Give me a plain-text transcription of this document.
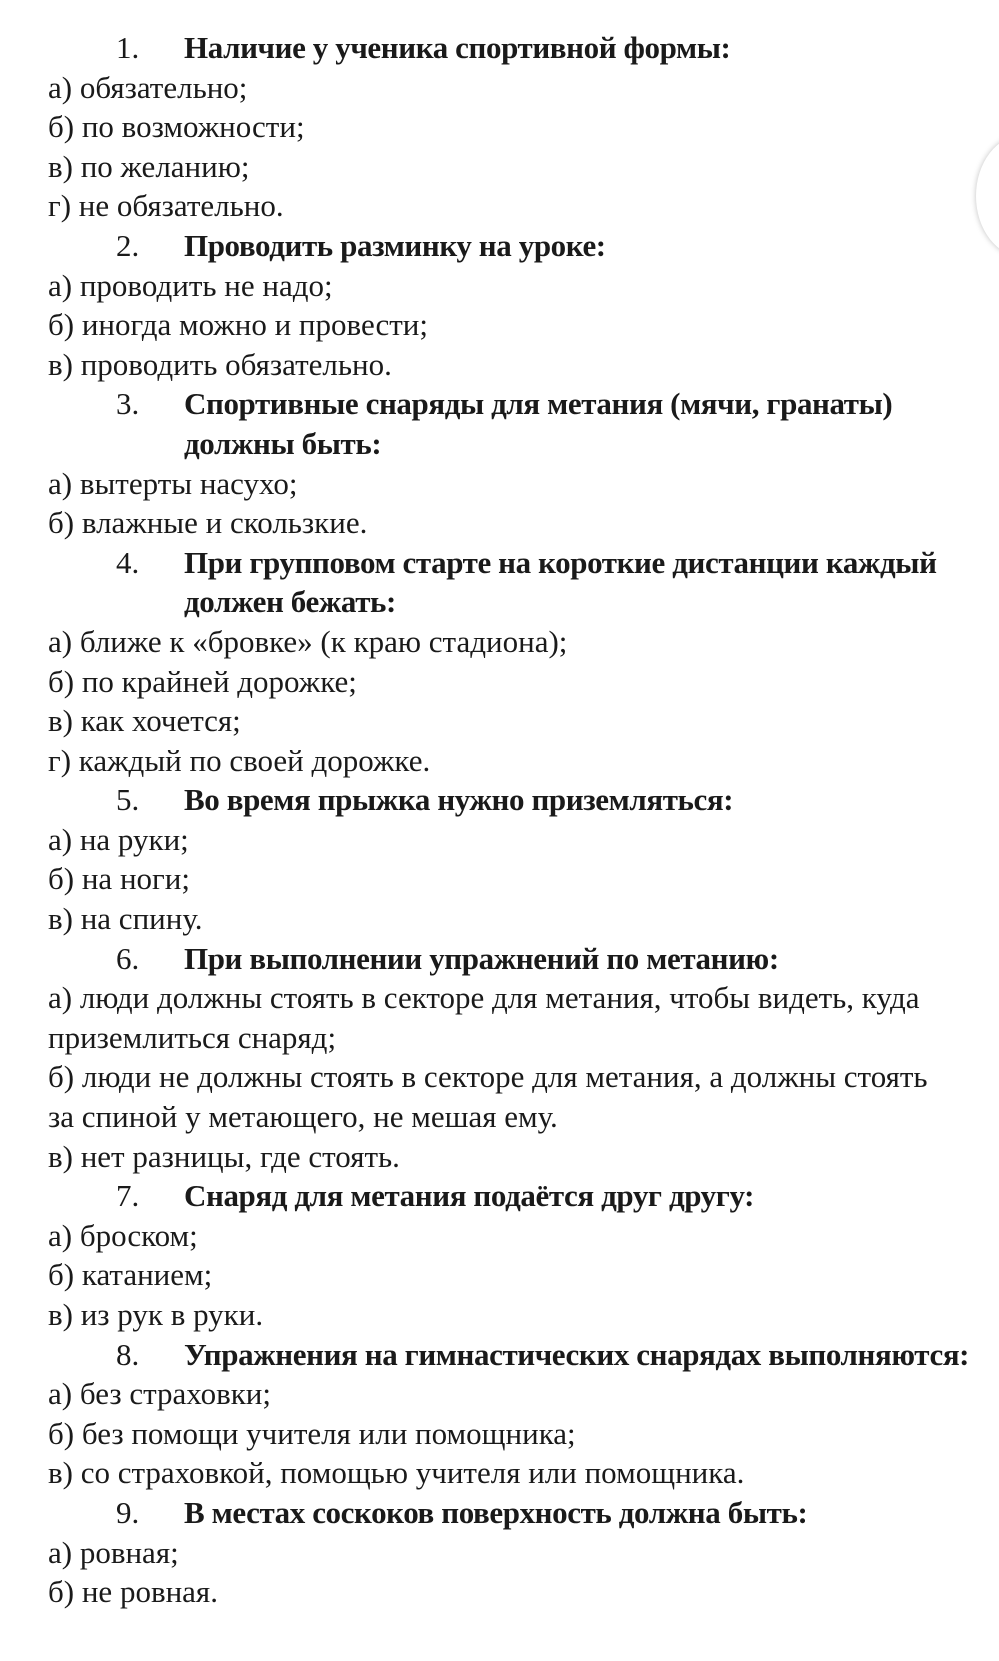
1.	Наличие у ученика спортивной формы:
а) обязательно;
б) по возможности;
в) по желанию;
г) не обязательно.
2.	Проводить разминку на уроке:
а) проводить не надо;
б) иногда можно и провести;
в) проводить обязательно.
3.	Спортивные снаряды для метания (мячи, гранаты) должны быть:
а) вытерты насухо;
б) влажные и скользкие.
4.	При групповом старте на короткие дистанции каждый должен бежать:
а) ближе к «бровке» (к краю стадиона);
б) по крайней дорожке;
в) как хочется;
г) каждый по своей дорожке.
5.	Во время прыжка нужно приземляться:
а) на руки;
б) на ноги;
в) на спину.
6.	При выполнении упражнений по метанию:
а) люди должны стоять в секторе для метания, чтобы видеть, куда приземлиться снаряд;
б) люди не должны стоять в секторе для метания, а должны стоять за спиной у метающего, не мешая ему.
в) нет разницы, где стоять.
7.	Снаряд для метания подаётся друг другу:
а) броском;
б) катанием;
в) из рук в руки.
8.	Упражнения на гимнастических снарядах выполняются:
а) без страховки;
б) без помощи учителя или помощника;
в) со страховкой, помощью учителя или помощника.
9.	В местах соскоков поверхность должна быть:
а) ровная;
б) не ровная.
